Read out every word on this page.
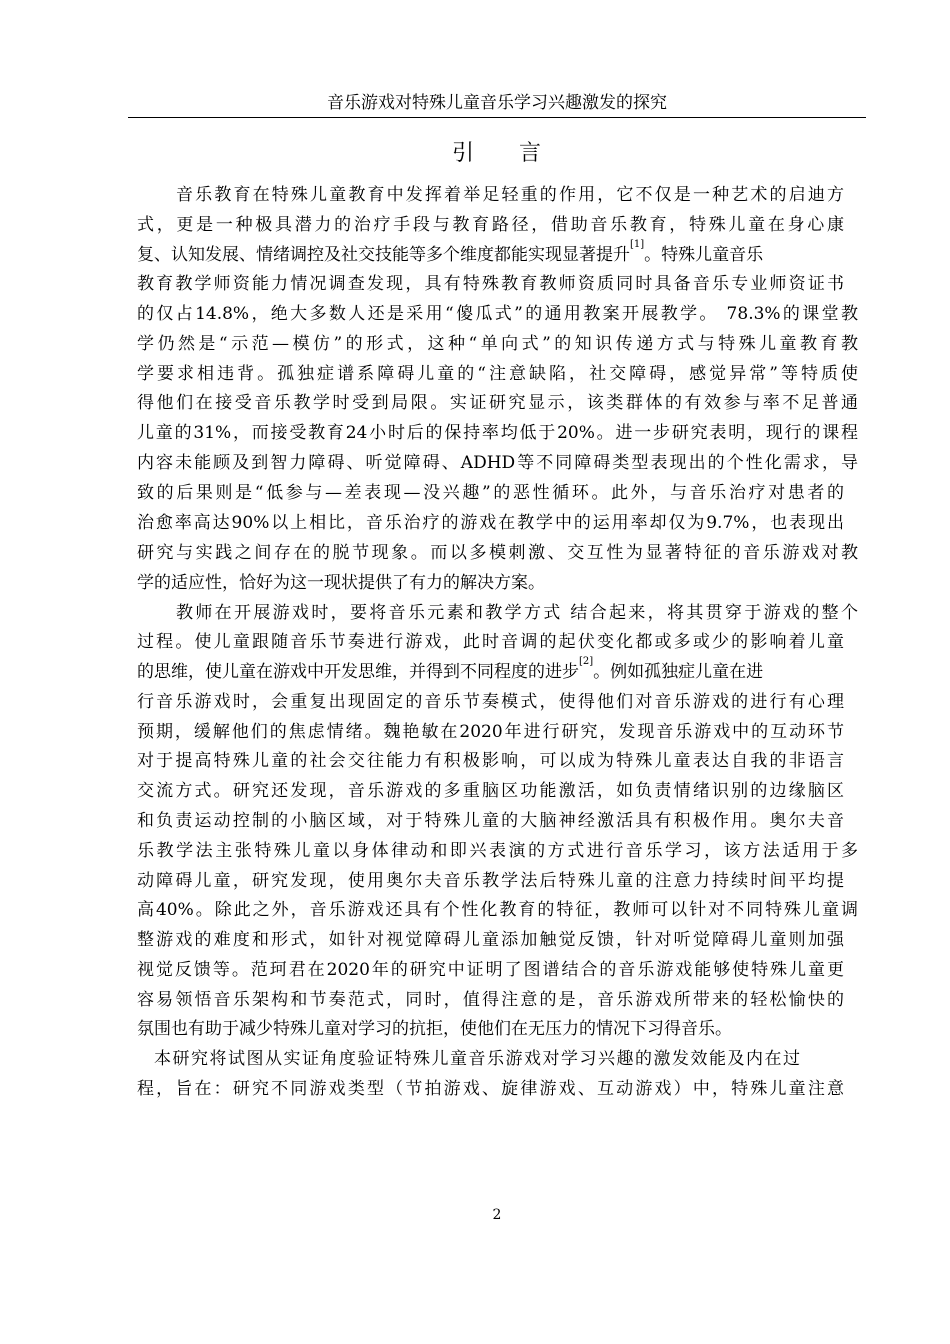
音乐游戏对特殊儿童音乐学习兴趣激发的探究
引 言
音乐教育在特殊儿童教育中发挥着举足轻重的作用，它不仅是一种艺术的启迪方
式，更是一种极具潜力的治疗手段与教育路径，借助音乐教育，特殊儿童在身心康
复、认知发展、情绪调控及社交技能等多个维度都能实现显著提升[1]。特殊儿童音乐
教育教学师资能力情况调查发现，具有特殊教育教师资质同时具备音乐专业师资证书
的仅占14.8%，绝大多数人还是采用“傻瓜式”的通用教案开展教学。 78.3%的课堂教
学仍然是“示范—模仿”的形式，这种“单向式”的知识传递方式与特殊儿童教育教
学要求相违背。孤独症谱系障碍儿童的“注意缺陷，社交障碍，感觉异常”等特质使
得他们在接受音乐教学时受到局限。实证研究显示，该类群体的有效参与率不足普通
儿童的31%，而接受教育24小时后的保持率均低于20%。进一步研究表明，现行的课程
内容未能顾及到智力障碍、听觉障碍、ADHD等不同障碍类型表现出的个性化需求，导
致的后果则是“低参与—差表现—没兴趣”的恶性循环。此外，与音乐治疗对患者的
治愈率高达90%以上相比，音乐治疗的游戏在教学中的运用率却仅为9.7%，也表现出
研究与实践之间存在的脱节现象。而以多模刺激、交互性为显著特征的音乐游戏对教
学的适应性，恰好为这一现状提供了有力的解决方案。
教师在开展游戏时，要将音乐元素和教学方式 结合起来，将其贯穿于游戏的整个
过程。使儿童跟随音乐节奏进行游戏，此时音调的起伏变化都或多或少的影响着儿童
的思维，使儿童在游戏中开发思维，并得到不同程度的进步[2]。例如孤独症儿童在进
行音乐游戏时，会重复出现固定的音乐节奏模式，使得他们对音乐游戏的进行有心理
预期，缓解他们的焦虑情绪。魏艳敏在2020年进行研究，发现音乐游戏中的互动环节
对于提高特殊儿童的社会交往能力有积极影响，可以成为特殊儿童表达自我的非语言
交流方式。研究还发现，音乐游戏的多重脑区功能激活，如负责情绪识别的边缘脑区
和负责运动控制的小脑区域，对于特殊儿童的大脑神经激活具有积极作用。奥尔夫音
乐教学法主张特殊儿童以身体律动和即兴表演的方式进行音乐学习，该方法适用于多
动障碍儿童，研究发现，使用奥尔夫音乐教学法后特殊儿童的注意力持续时间平均提
高40%。除此之外，音乐游戏还具有个性化教育的特征，教师可以针对不同特殊儿童调
整游戏的难度和形式，如针对视觉障碍儿童添加触觉反馈，针对听觉障碍儿童则加强
视觉反馈等。范珂君在2020年的研究中证明了图谱结合的音乐游戏能够使特殊儿童更
容易领悟音乐架构和节奏范式，同时，值得注意的是，音乐游戏所带来的轻松愉快的
氛围也有助于减少特殊儿童对学习的抗拒，使他们在无压力的情况下习得音乐。
本研究将试图从实证角度验证特殊儿童音乐游戏对学习兴趣的激发效能及内在过
程，旨在：研究不同游戏类型（节拍游戏、旋律游戏、互动游戏）中，特殊儿童注意
2
